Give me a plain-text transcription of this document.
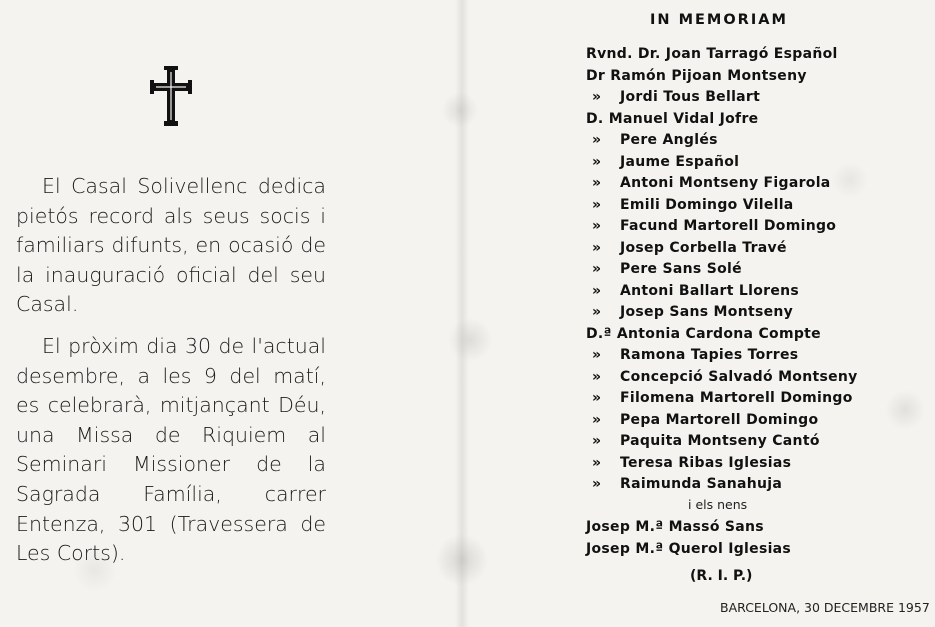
El Casal Solivellenc dedica pietós record als seus socis i familiars difunts, en ocasió de la inauguració oficial del seu Casal.

El pròxim dia 30 de l'actual desembre, a les 9 del matí, es celebrarà, mitjançant Déu, una Missa de Riquiem al Seminari Missioner de la Sagrada Família, carrer Entenza, 301 (Travessera de Les Corts).

IN MEMORIAM
Rvnd. Dr. Joan Tarragó Español
Dr Ramón Pijoan Montseny
» Jordi Tous Bellart
D. Manuel Vidal Jofre
» Pere Anglés
» Jaume Español
» Antoni Montseny Figarola
» Emili Domingo Vilella
» Facund Martorell Domingo
» Josep Corbella Travé
» Pere Sans Solé
» Antoni Ballart Llorens
» Josep Sans Montseny
D.ª Antonia Cardona Compte
» Ramona Tapies Torres
» Concepció Salvadó Montseny
» Filomena Martorell Domingo
» Pepa Martorell Domingo
» Paquita Montseny Cantó
» Teresa Ribas Iglesias
» Raimunda Sanahuja
i els nens
Josep M.ª Massó Sans
Josep M.ª Querol Iglesias
(R. I. P.)
BARCELONA, 30 DECEMBRE 1957
